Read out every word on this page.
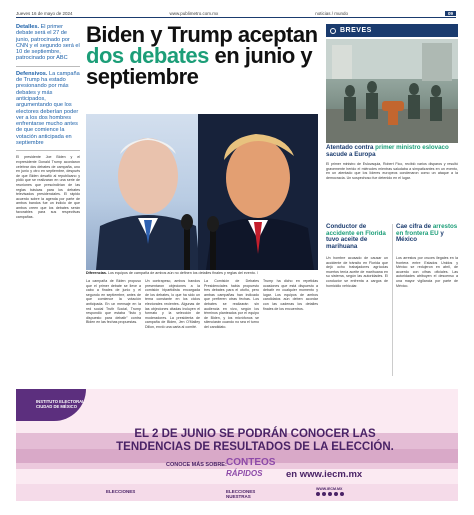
Jueves 16 de mayo de 2024	www.publimetro.com.mx	noticias / mundo	09

Detalles. El primer debate será el 27 de junio, patrocinado por CNN y el segundo será el 10 de septiembre, patrocinado por ABC

Defensivos. La campaña de Trump ha estado presionando por más debates y más anticipados, argumentando que los electores deberían poder ver a los dos hombres enfrentarse mucho antes de que comience la votación anticipada en septiembre

El presidente Joe Biden y el expresidente Donald Trump acordaron celebrar dos debates de campaña, uno en junio y otro en septiembre, después de que Biden desafió al republicano y pidió que se realizaran en una serie de reuniones que prescindirían de las reglas básicas para los debates televisados presidenciales. El rápido acuerdo sobre la agenda por parte de ambos bandos fue un indicio de que ambos creen que los debates serán favorables para sus respectivas campañas.

Biden y Trump aceptan dos debates en junio y septiembre

Diferencias. Los equipos de campaña de ambos aún no definen los detalles finales y reglas del evento. /

La campaña de Biden propuso que el primer debate se lleve a cabo a finales de junio y el segundo en septiembre, antes de que comience la votación anticipada. En un mensaje en la red social Truth Social, Trump respondió que estaba "listo y dispuesto para debatir" contra Biden en las fechas propuestas.

Un contrapeso, ambos bandos presentaron objeciones a la comisión bipartidista encargada de los debates, lo que ha sido un tema constante en los ciclos electorales recientes. Algunas de las objeciones citadas incluyen el formato y la selección de moderadores. La presidenta de campaña de Biden, Jen O'Malley Dillon, envió una carta al comité.

La Comisión de Debates Presidenciales había propuesto tres debates para el otoño, pero ambas campañas han indicado que prefieren otras fechas. Los debates se realizarán sin audiencia en vivo, según los términos planteados por el equipo de Biden, y los micrófonos se silenciarán cuando no sea el turno del candidato.

Trump ha dicho en repetidas ocasiones que está dispuesto a debatir en cualquier momento y lugar. Los equipos de ambos candidatos aún deben acordar con las cadenas los detalles finales de los encuentros.

BREVES
Atentado contra primer ministro eslovaco sacude a Europa

El primer ministro de Eslovaquia, Robert Fico, recibió varios disparos y resultó gravemente herido el miércoles mientras saludaba a simpatizantes en un evento, en un atentado que los líderes europeos condenaron como un ataque a la democracia. Un sospechoso fue detenido en el lugar.

Conductor de accidente en Florida tuvo aceite de marihuana

Un hombre acusado de causar un accidente de tránsito en Florida que dejó ocho trabajadores agrícolas muertos tenía aceite de marihuana en su sistema, según las autoridades. El conductor se enfrenta a cargos de homicidio vehicular.

Cae cifra de arrestos en frontera EU y México

Los arrestos por cruces ilegales en la frontera entre Estados Unidos y México se redujeron en abril, de acuerdo con cifras oficiales. Las autoridades atribuyen el descenso a una mayor vigilancia por parte de México.

INSTITUTO ELECTORAL
CIUDAD DE MÉXICO
EL 2 DE JUNIO SE PODRÁN CONOCER LAS
TENDENCIAS DE RESULTADOS DE LA ELECCIÓN.
CONOCE MÁS SOBRE: CONTEOS
RÁPIDOS en www.iecm.mx
ELECCIONES	ELECCIONES NUESTRAS
WWW.IECM.MX
